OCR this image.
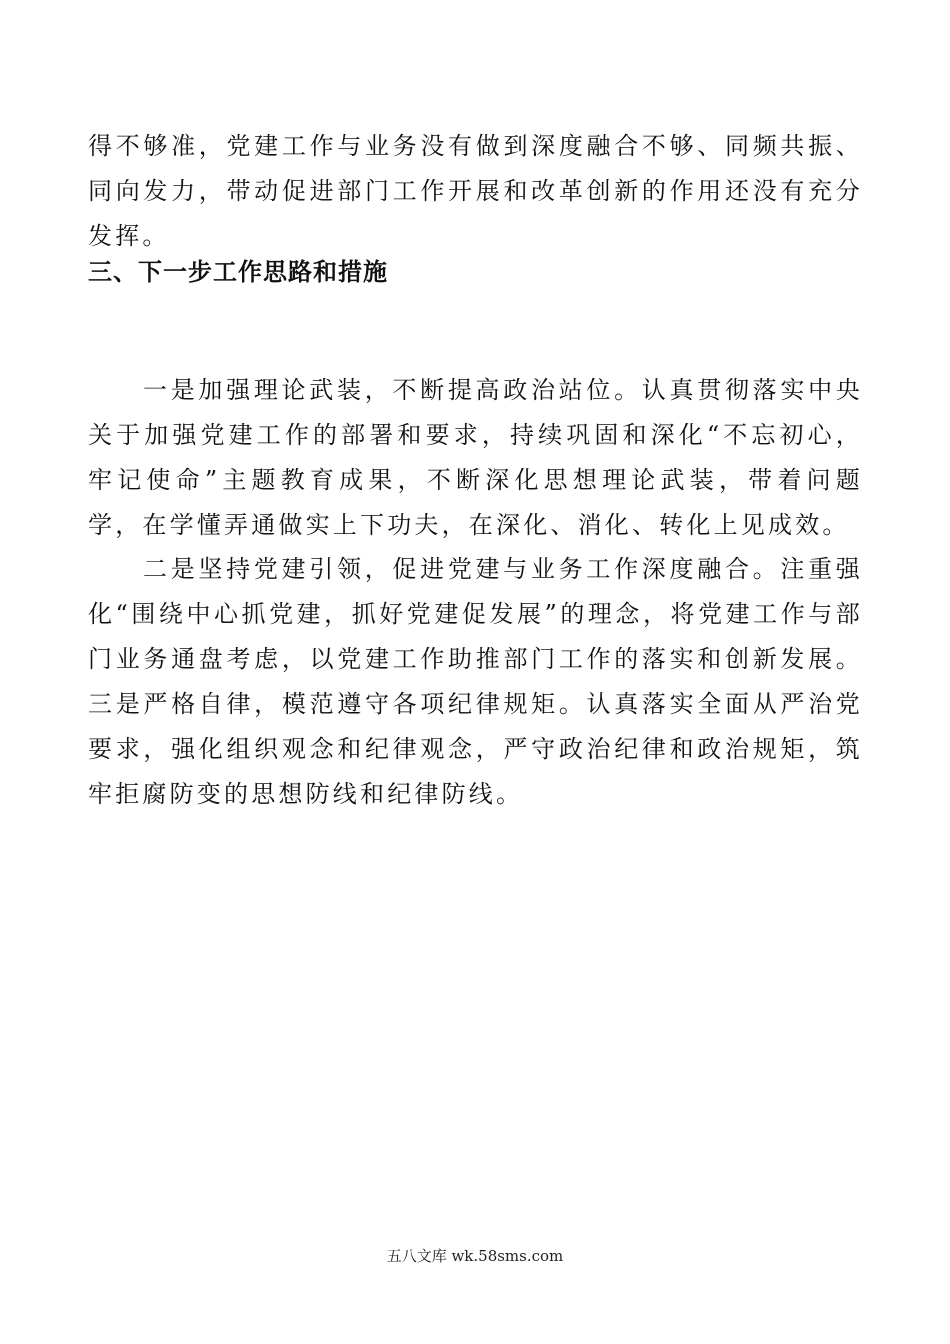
得不够准，党建工作与业务没有做到深度融合不够、同频共振、同向发力，带动促进部门工作开展和改革创新的作用还没有充分发挥。

三、下一步工作思路和措施

一是加强理论武装，不断提高政治站位。认真贯彻落实中央关于加强党建工作的部署和要求，持续巩固和深化“不忘初心，牢记使命”主题教育成果，不断深化思想理论武装，带着问题学，在学懂弄通做实上下功夫，在深化、消化、转化上见成效。

二是坚持党建引领，促进党建与业务工作深度融合。注重强化“围绕中心抓党建，抓好党建促发展”的理念，将党建工作与部门业务通盘考虑，以党建工作助推部门工作的落实和创新发展。三是严格自律，模范遵守各项纪律规矩。认真落实全面从严治党要求，强化组织观念和纪律观念，严守政治纪律和政治规矩，筑牢拒腐防变的思想防线和纪律防线。

五八文库 wk.58sms.com
